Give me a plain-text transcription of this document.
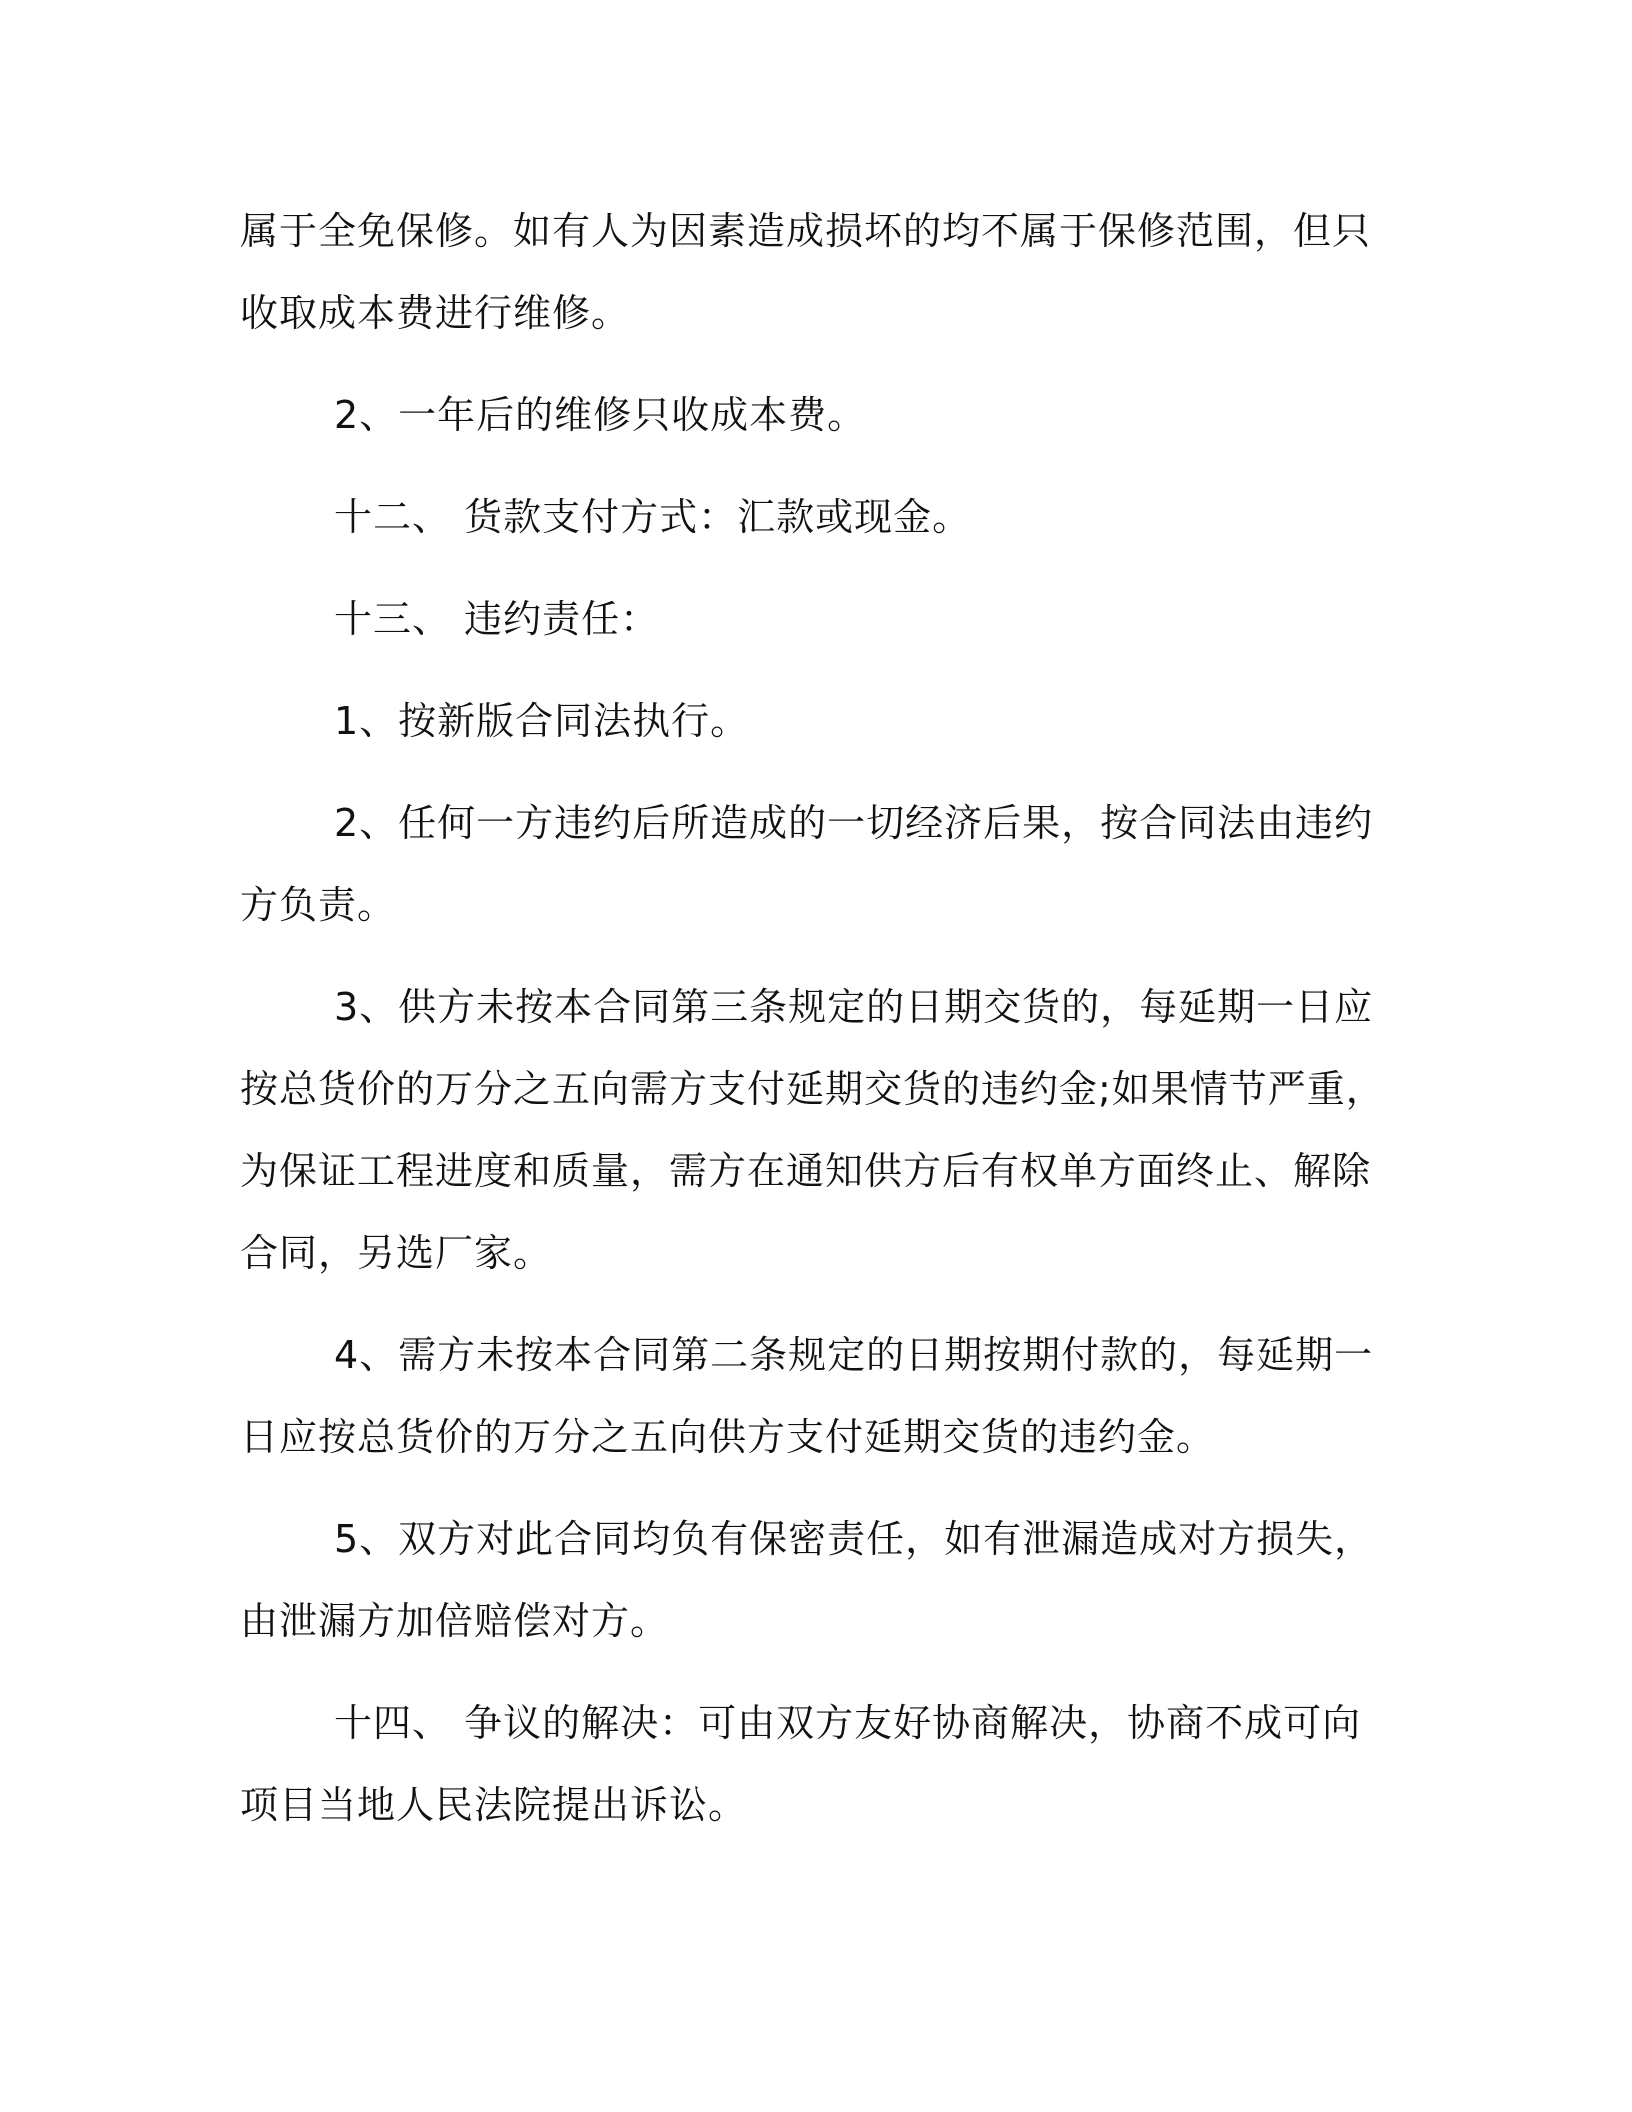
属于全免保修。如有人为因素造成损坏的均不属于保修范围，但只收取成本费进行维修。

2、一年后的维修只收成本费。

十二、 货款支付方式：汇款或现金。

十三、 违约责任：

1、按新版合同法执行。

2、任何一方违约后所造成的一切经济后果，按合同法由违约方负责。

3、供方未按本合同第三条规定的日期交货的，每延期一日应按总货价的万分之五向需方支付延期交货的违约金;如果情节严重，为保证工程进度和质量，需方在通知供方后有权单方面终止、解除合同，另选厂家。

4、需方未按本合同第二条规定的日期按期付款的，每延期一日应按总货价的万分之五向供方支付延期交货的违约金。

5、双方对此合同均负有保密责任，如有泄漏造成对方损失，由泄漏方加倍赔偿对方。

十四、 争议的解决：可由双方友好协商解决，协商不成可向项目当地人民法院提出诉讼。
